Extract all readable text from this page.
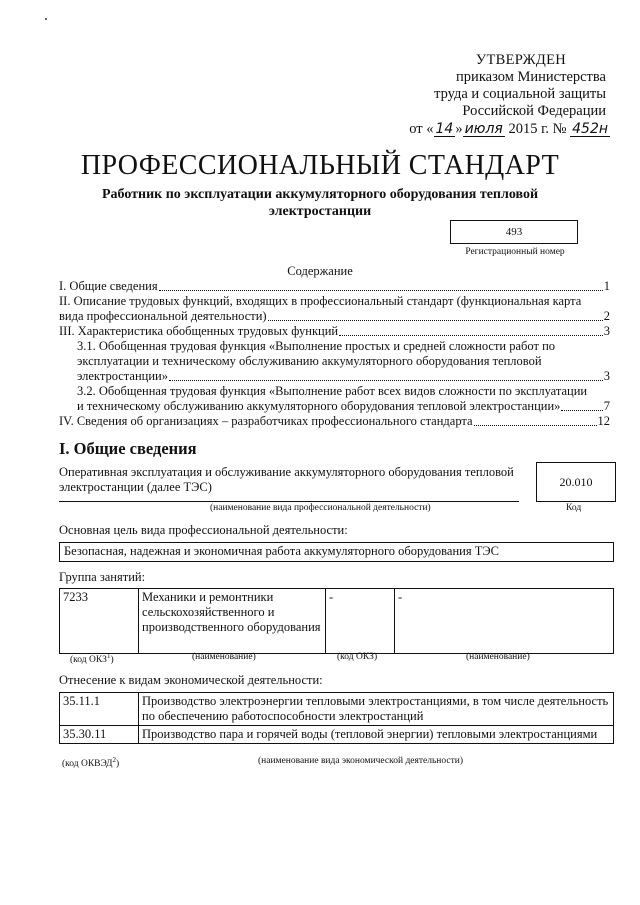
УТВЕРЖДЕН
приказом Министерства
труда и социальной защиты
Российской Федерации
от « 14 » июля 2015 г. № 452н
ПРОФЕССИОНАЛЬНЫЙ СТАНДАРТ
Работник по эксплуатации аккумуляторного оборудования тепловой электростанции
493
Регистрационный номер
Содержание
I. Общие сведения	1
II. Описание трудовых функций, входящих в профессиональный стандарт (функциональная карта
вида профессиональной деятельности)	2
III. Характеристика обобщенных трудовых функций	3
3.1. Обобщенная трудовая функция «Выполнение простых и средней сложности работ по
эксплуатации и техническому обслуживанию аккумуляторного оборудования тепловой
электростанции»	3
3.2. Обобщенная трудовая функция «Выполнение работ всех видов сложности по эксплуатации
и техническому обслуживанию аккумуляторного оборудования тепловой электростанции»	7
IV. Сведения об организациях – разработчиках профессионального стандарта	12
I. Общие сведения
Оперативная эксплуатация и обслуживание аккумуляторного оборудования тепловой электростанции (далее ТЭС)	20.010
(наименование вида профессиональной деятельности)	Код
Основная цель вида профессиональной деятельности:
Безопасная, надежная и экономичная работа аккумуляторного оборудования ТЭС
Группа занятий:
7233	Механики и ремонтники сельскохозяйственного и производственного оборудования	-	-
(код ОКЗ$^1$)	(наименование)	(код ОКЗ)	(наименование)
Отнесение к видам экономической деятельности:
35.11.1	Производство электроэнергии тепловыми электростанциями, в том числе деятельность по обеспечению работоспособности электростанций
35.30.11	Производство пара и горячей воды (тепловой энергии) тепловыми электростанциями
(код ОКВЭД$^2$)	(наименование вида экономической деятельности)
